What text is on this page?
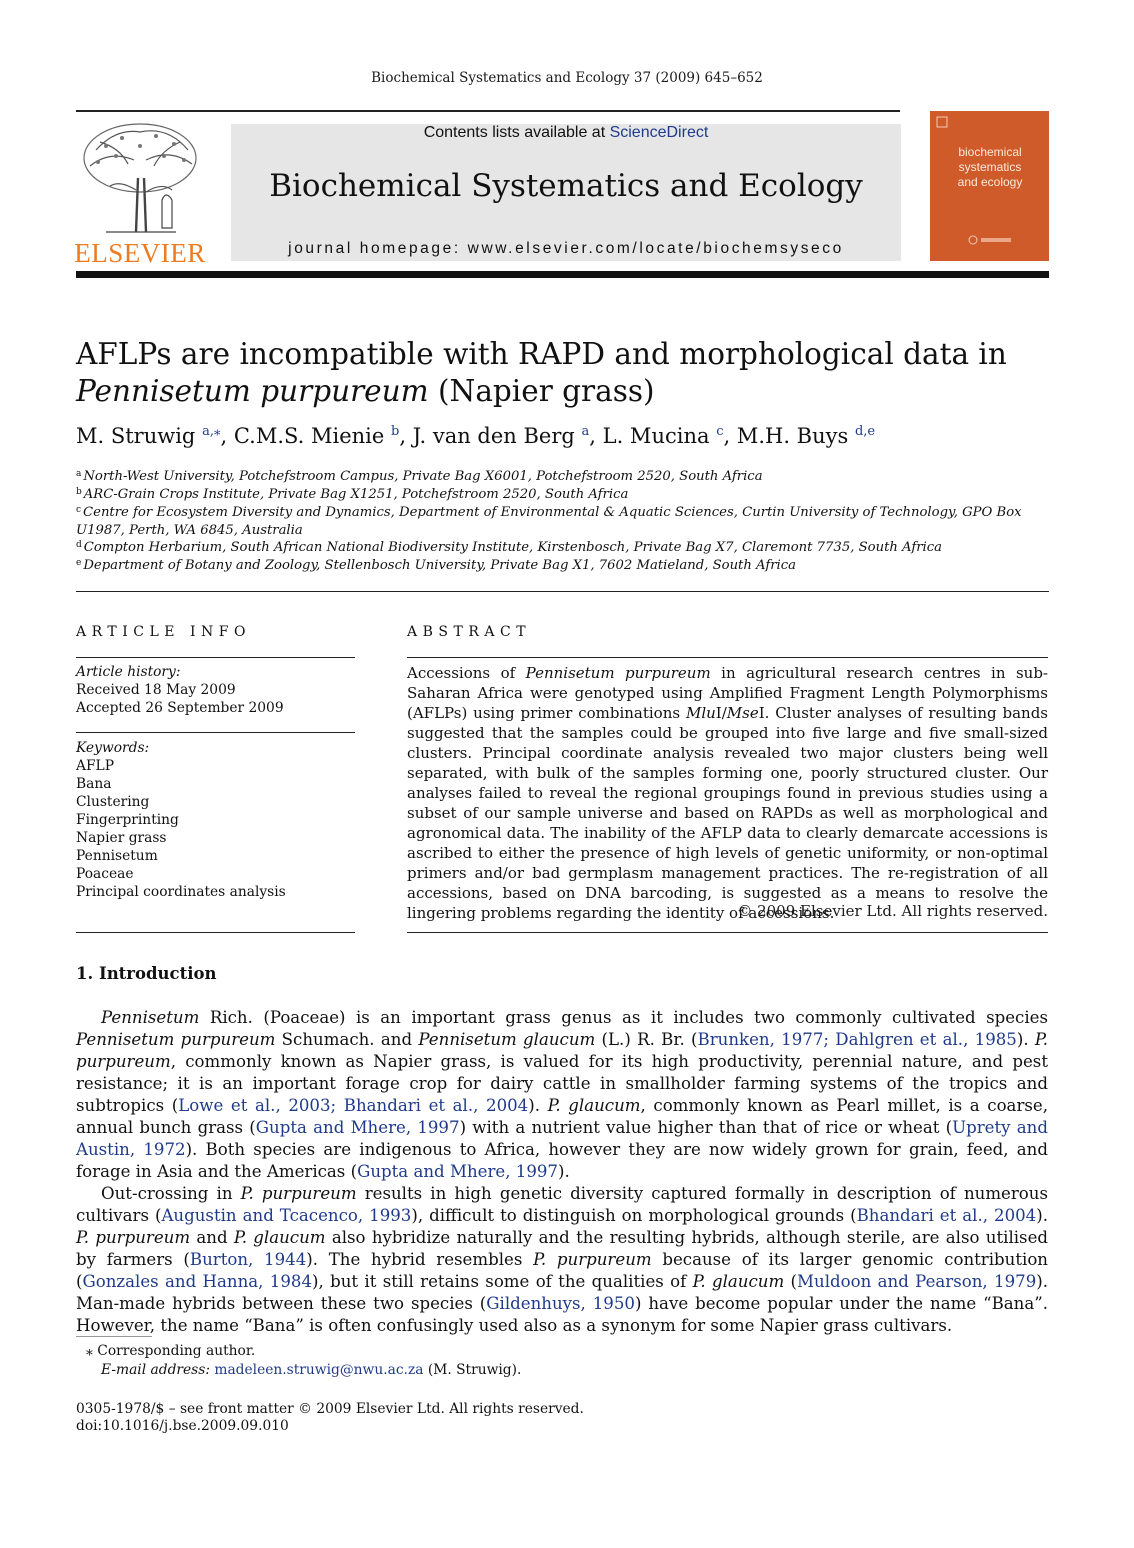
Biochemical Systematics and Ecology 37 (2009) 645–652
ELSEVIER
Contents lists available at ScienceDirect
Biochemical Systematics and Ecology
journal homepage: www.elsevier.com/locate/biochemsyseco
biochemical
systematics
and ecology
AFLPs are incompatible with RAPD and morphological data in Pennisetum purpureum (Napier grass)
M. Struwig $^{a,⁎}$, C.M.S. Mienie $^b$, J. van den Berg $^a$, L. Mucina $^c$, M.H. Buys $^{d,e}$
$^a$ North-West University, Potchefstroom Campus, Private Bag X6001, Potchefstroom 2520, South Africa
$^b$ ARC-Grain Crops Institute, Private Bag X1251, Potchefstroom 2520, South Africa
$^c$ Centre for Ecosystem Diversity and Dynamics, Department of Environmental & Aquatic Sciences, Curtin University of Technology, GPO Box U1987, Perth, WA 6845, Australia
$^d$ Compton Herbarium, South African National Biodiversity Institute, Kirstenbosch, Private Bag X7, Claremont 7735, South Africa
$^e$ Department of Botany and Zoology, Stellenbosch University, Private Bag X1, 7602 Matieland, South Africa
ARTICLE INFO
Article history:
Received 18 May 2009
Accepted 26 September 2009
Keywords:
AFLP
Bana
Clustering
Fingerprinting
Napier grass
Pennisetum
Poaceae
Principal coordinates analysis
ABSTRACT
Accessions of Pennisetum purpureum in agricultural research centres in sub-Saharan Africa were genotyped using Amplified Fragment Length Polymorphisms (AFLPs) using primer combinations MluI/MseI. Cluster analyses of resulting bands suggested that the samples could be grouped into five large and five small-sized clusters. Principal coordinate analysis revealed two major clusters being well separated, with bulk of the samples forming one, poorly structured cluster. Our analyses failed to reveal the regional groupings found in previous studies using a subset of our sample universe and based on RAPDs as well as morphological and agronomical data. The inability of the AFLP data to clearly demarcate accessions is ascribed to either the presence of high levels of genetic uniformity, or non-optimal primers and/or bad germplasm management practices. The re-registration of all accessions, based on DNA barcoding, is suggested as a means to resolve the lingering problems regarding the identity of accessions.
© 2009 Elsevier Ltd. All rights reserved.
1. Introduction

Pennisetum Rich. (Poaceae) is an important grass genus as it includes two commonly cultivated species Pennisetum purpureum Schumach. and Pennisetum glaucum (L.) R. Br. (Brunken, 1977; Dahlgren et al., 1985). P. purpureum, commonly known as Napier grass, is valued for its high productivity, perennial nature, and pest resistance; it is an important forage crop for dairy cattle in smallholder farming systems of the tropics and subtropics (Lowe et al., 2003; Bhandari et al., 2004). P. glaucum, commonly known as Pearl millet, is a coarse, annual bunch grass (Gupta and Mhere, 1997) with a nutrient value higher than that of rice or wheat (Uprety and Austin, 1972). Both species are indigenous to Africa, however they are now widely grown for grain, feed, and forage in Asia and the Americas (Gupta and Mhere, 1997).

Out-crossing in P. purpureum results in high genetic diversity captured formally in description of numerous cultivars (Augustin and Tcacenco, 1993), difficult to distinguish on morphological grounds (Bhandari et al., 2004). P. purpureum and P. glaucum also hybridize naturally and the resulting hybrids, although sterile, are also utilised by farmers (Burton, 1944). The hybrid resembles P. purpureum because of its larger genomic contribution (Gonzales and Hanna, 1984), but it still retains some of the qualities of P. glaucum (Muldoon and Pearson, 1979). Man-made hybrids between these two species (Gildenhuys, 1950) have become popular under the name “Bana”. However, the name “Bana” is often confusingly used also as a synonym for some Napier grass cultivars.

⁎ Corresponding author.
E-mail address: madeleen.struwig@nwu.ac.za (M. Struwig).
0305-1978/$ – see front matter © 2009 Elsevier Ltd. All rights reserved.
doi:10.1016/j.bse.2009.09.010
